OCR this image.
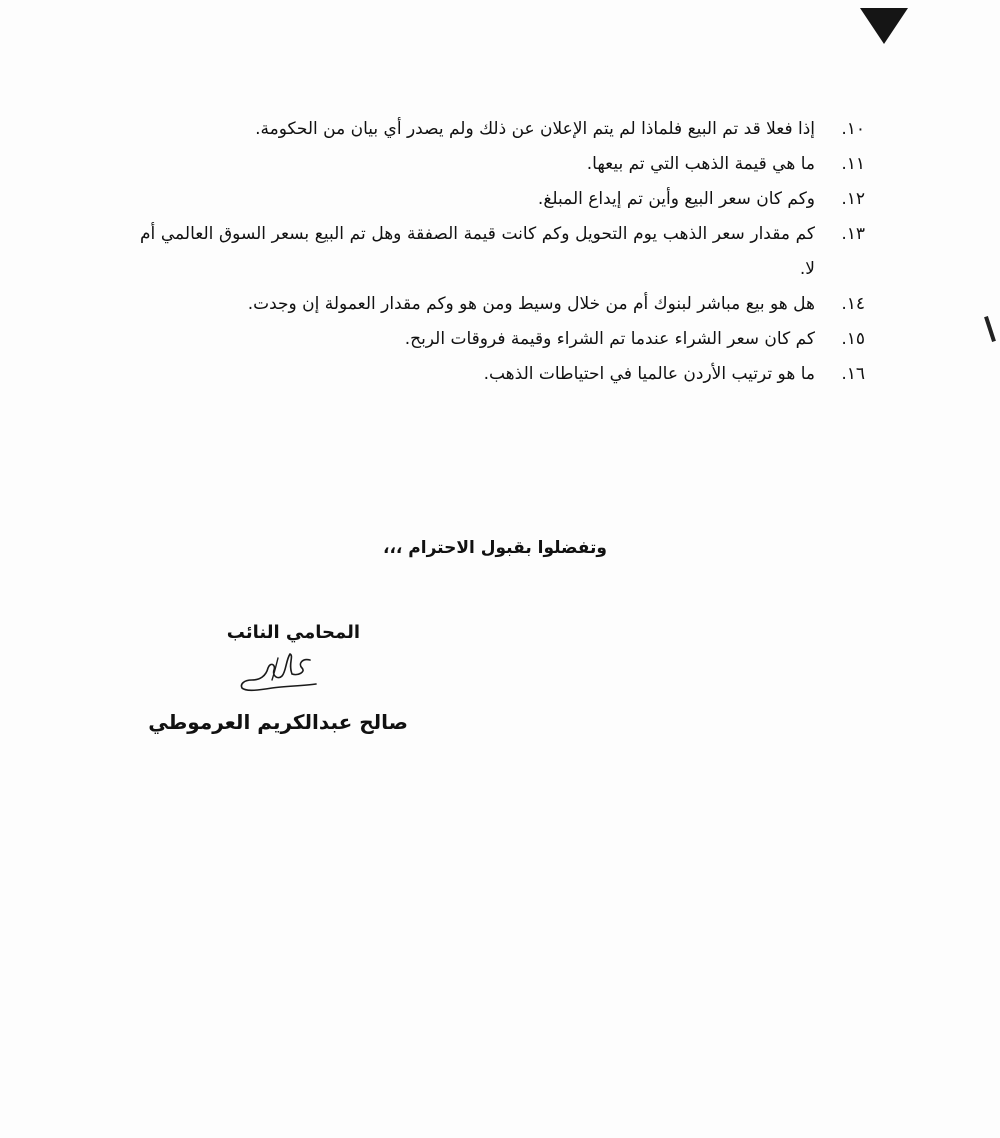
١٠.
إذا فعلا قد تم البيع فلماذا لم يتم الإعلان عن ذلك ولم يصدر أي بيان من الحكومة.
١١.
ما هي قيمة الذهب التي تم بيعها.
١٢.
وكم كان سعر البيع وأين تم إيداع المبلغ.
١٣.
كم مقدار سعر الذهب يوم التحويل وكم كانت قيمة الصفقة وهل تم البيع بسعر السوق العالمي أم لا.
١٤.
هل هو بيع مباشر لبنوك أم من خلال وسيط ومن هو وكم مقدار العمولة إن وجدت.
١٥.
كم كان سعر الشراء عندما تم الشراء وقيمة فروقات الربح.
١٦.
ما هو ترتيب الأردن عالميا في احتياطات الذهب.
وتفضلوا بقبول الاحترام ،،،
المحامي النائب
صالح عبدالكريم العرموطي
